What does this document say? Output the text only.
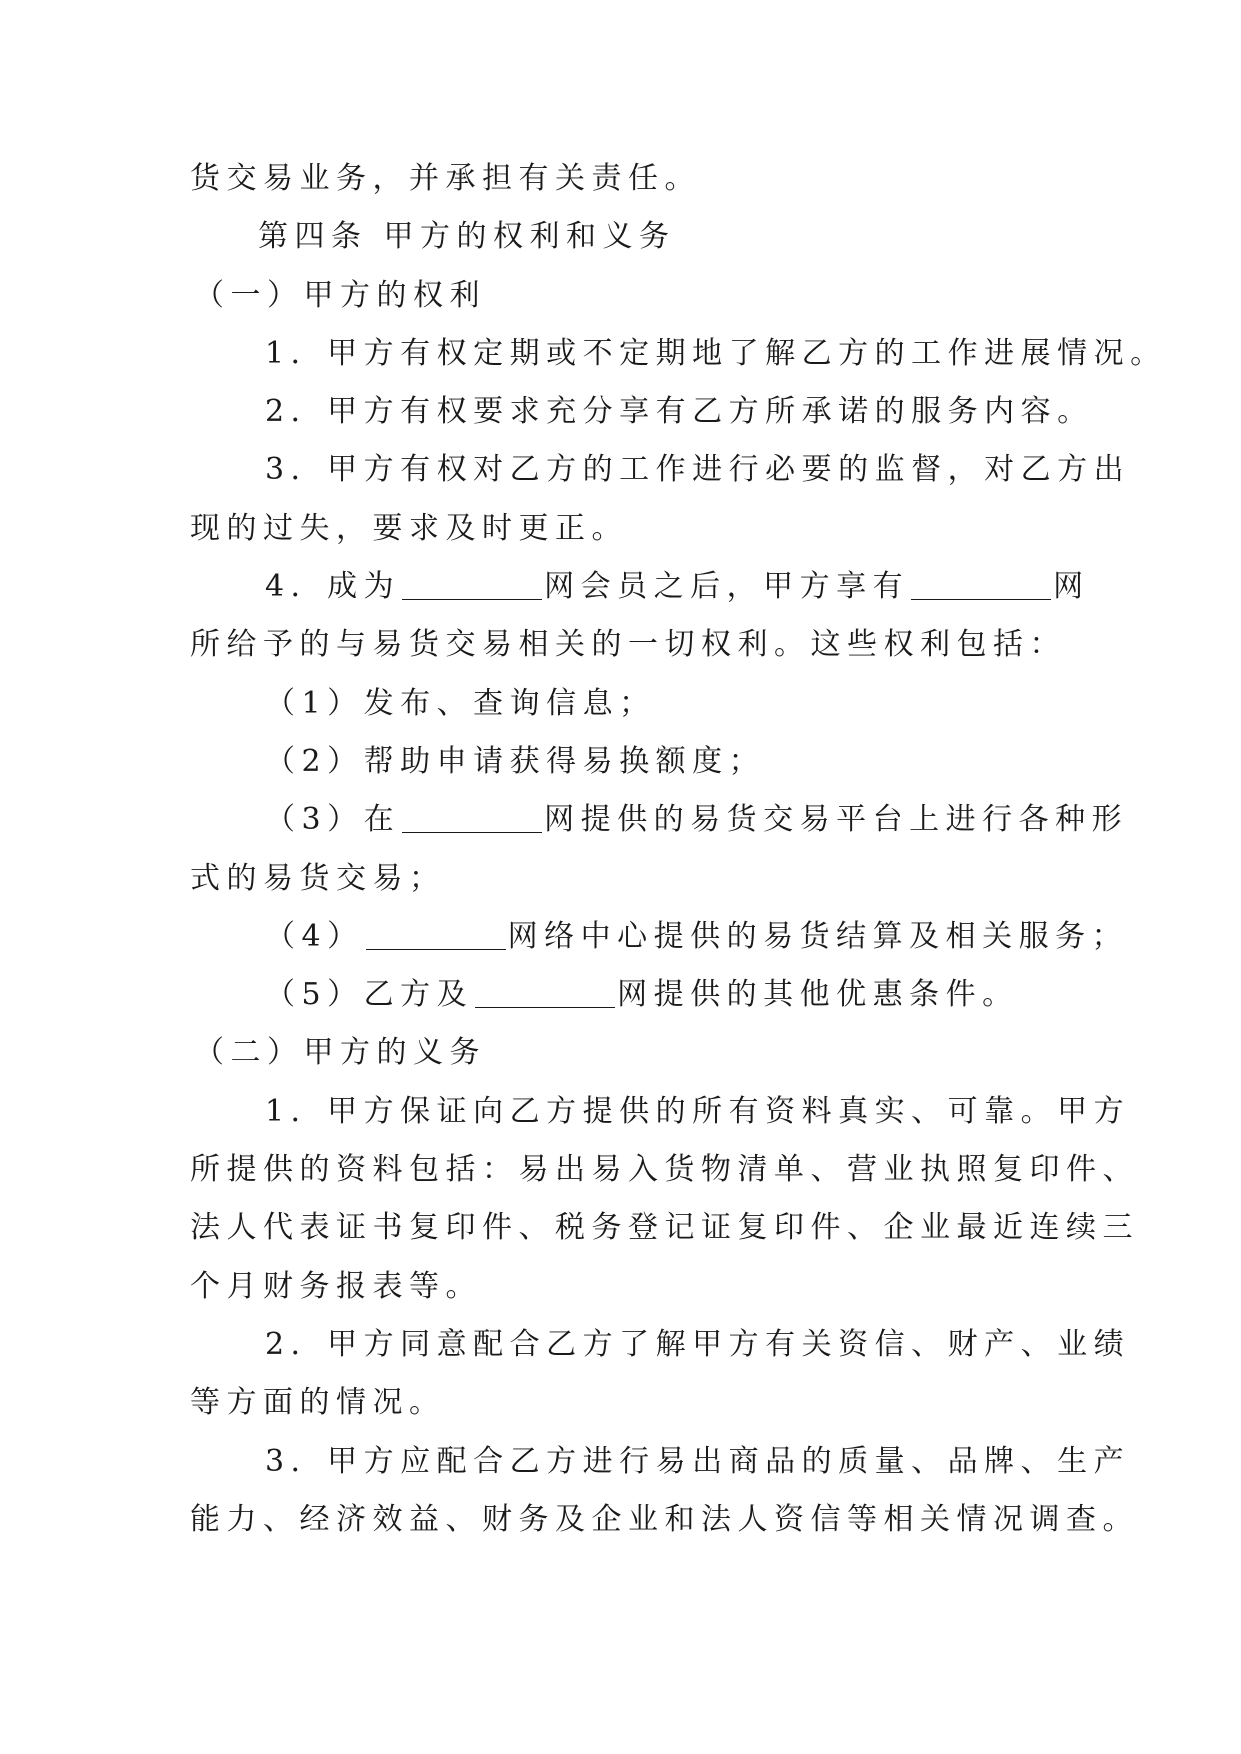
货交易业务，并承担有关责任。
第四条 甲方的权利和义务
（一）甲方的权利
1．甲方有权定期或不定期地了解乙方的工作进展情况。
2．甲方有权要求充分享有乙方所承诺的服务内容。
3．甲方有权对乙方的工作进行必要的监督，对乙方出
现的过失，要求及时更正。
4．成为	网会员之后，甲方享有	网
所给予的与易货交易相关的一切权利。这些权利包括：
（1）发布、查询信息；
（2）帮助申请获得易换额度；
（3）在	网提供的易货交易平台上进行各种形
式的易货交易；
（4）	网络中心提供的易货结算及相关服务；
（5）乙方及	网提供的其他优惠条件。
（二）甲方的义务
1．甲方保证向乙方提供的所有资料真实、可靠。甲方
所提供的资料包括：易出易入货物清单、营业执照复印件、
法人代表证书复印件、税务登记证复印件、企业最近连续三
个月财务报表等。
2．甲方同意配合乙方了解甲方有关资信、财产、业绩
等方面的情况。
3．甲方应配合乙方进行易出商品的质量、品牌、生产
能力、经济效益、财务及企业和法人资信等相关情况调查。
